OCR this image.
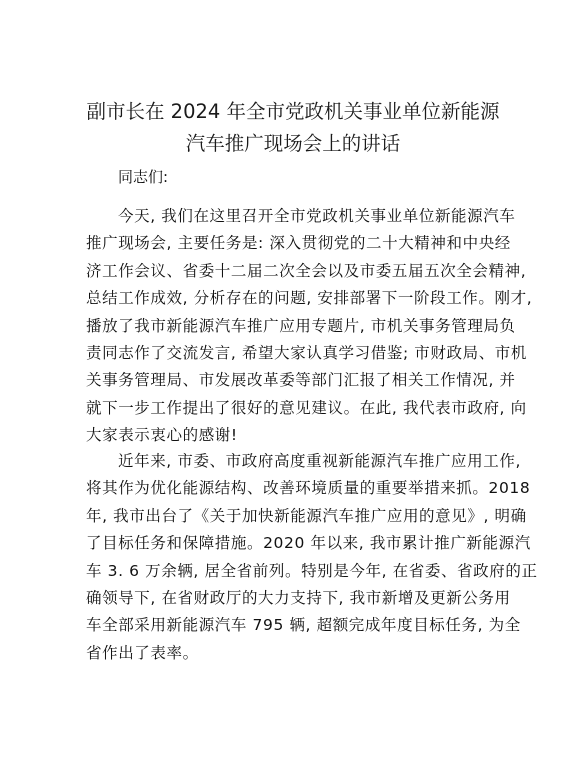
副市长在 2024 年全市党政机关事业单位新能源
汽车推广现场会上的讲话

同志们:

今天, 我们在这里召开全市党政机关事业单位新能源汽车
推广现场会, 主要任务是: 深入贯彻党的二十大精神和中央经
济工作会议、省委十二届二次全会以及市委五届五次全会精神,
总结工作成效, 分析存在的问题, 安排部署下一阶段工作。刚才,
播放了我市新能源汽车推广应用专题片, 市机关事务管理局负
责同志作了交流发言, 希望大家认真学习借鉴; 市财政局、市机
关事务管理局、市发展改革委等部门汇报了相关工作情况, 并
就下一步工作提出了很好的意见建议。在此, 我代表市政府, 向
大家表示衷心的感谢!
近年来, 市委、市政府高度重视新能源汽车推广应用工作,
将其作为优化能源结构、改善环境质量的重要举措来抓。2018
年, 我市出台了《关于加快新能源汽车推广应用的意见》, 明确
了目标任务和保障措施。2020 年以来, 我市累计推广新能源汽
车 3. 6 万余辆, 居全省前列。特别是今年, 在省委、省政府的正
确领导下, 在省财政厅的大力支持下, 我市新增及更新公务用
车全部采用新能源汽车 795 辆, 超额完成年度目标任务, 为全
省作出了表率。
